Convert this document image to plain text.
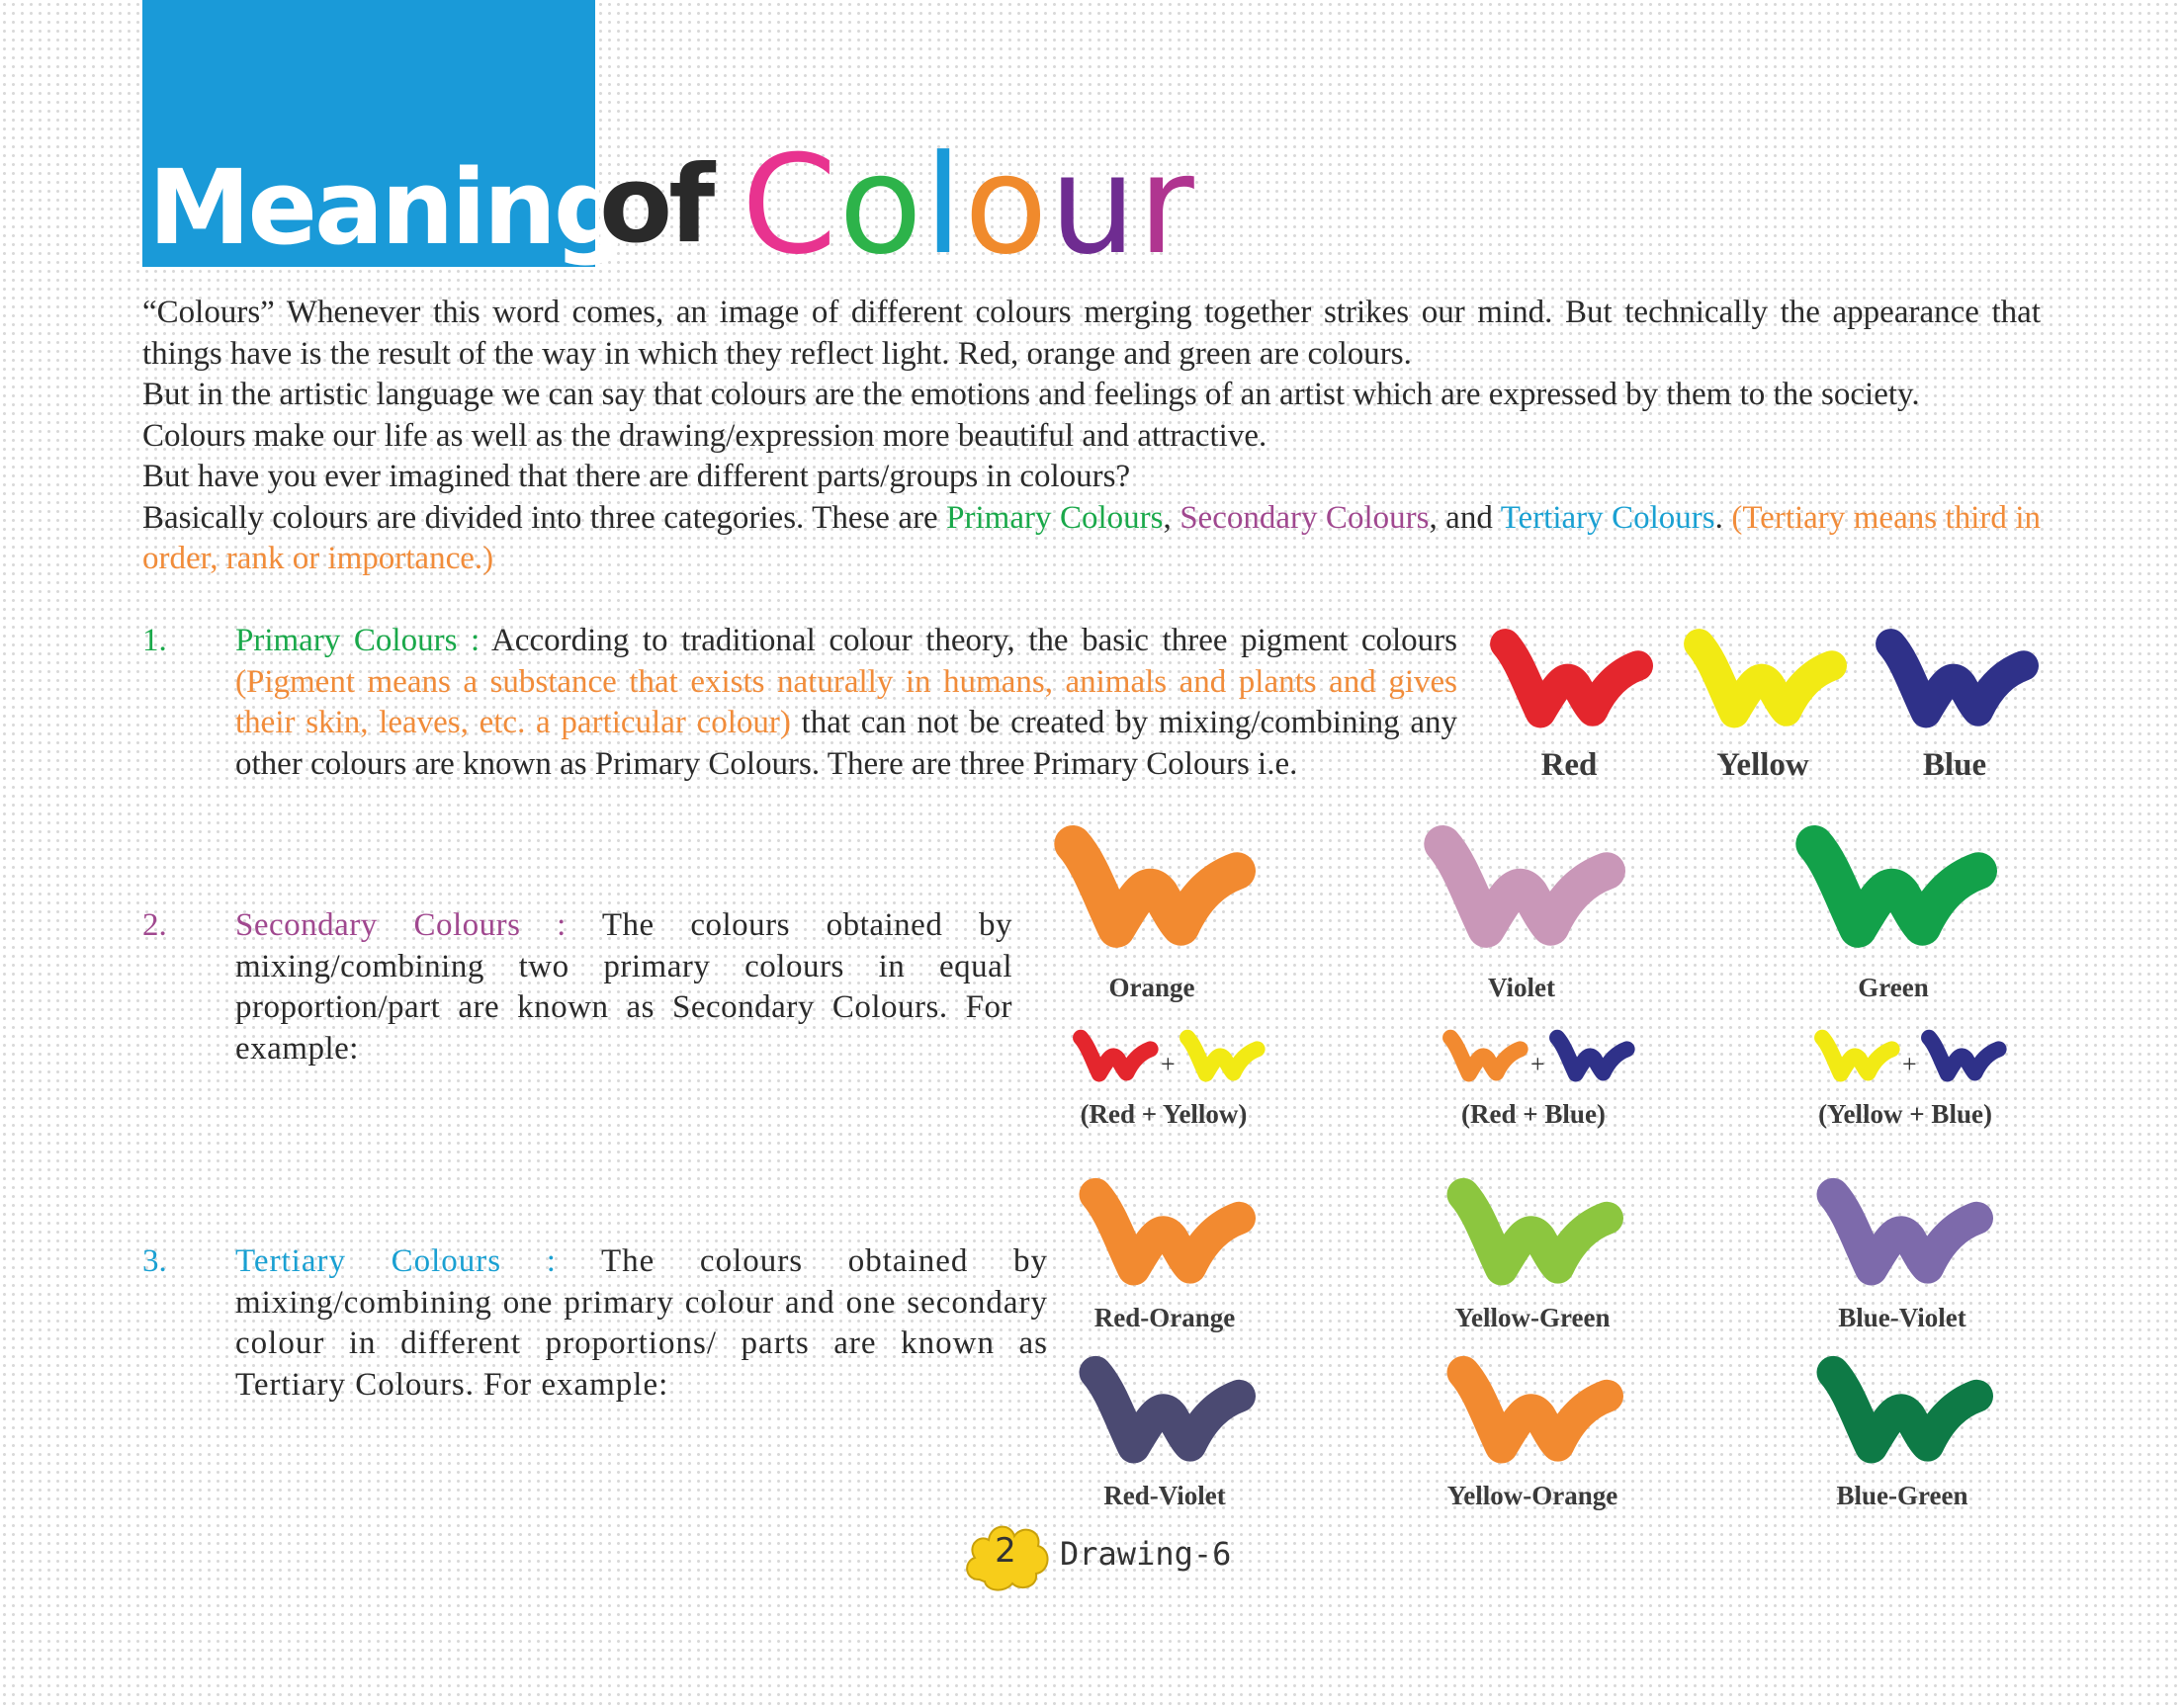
Meaning
of Colour

“Colours” Whenever this word comes, an image of different colours merging together strikes our mind. But technically the appearance that things have is the result of the way in which they reflect light. Red, orange and green are colours.

But in the artistic language we can say that colours are the emotions and feelings of an artist which are expressed by them to the society.

Colours make our life as well as the drawing/expression more beautiful and attractive.

But have you ever imagined that there are different parts/groups in colours?

Basically colours are divided into three categories. These are Primary Colours, Secondary Colours, and Tertiary Colours. (Tertiary means third in order, rank or importance.)

1. Primary Colours : According to traditional colour theory, the basic three pigment colours (Pigment means a substance that exists naturally in humans, animals and plants and gives their skin, leaves, etc. a particular colour) that can not be created by mixing/combining any other colours are known as Primary Colours. There are three Primary Colours i.e.

2. Secondary Colours : The colours obtained by mixing/combining two primary colours in equal proportion/part are known as Secondary Colours. For example:

3. Tertiary Colours : The colours obtained by mixing/combining one primary colour and one secondary colour in different proportions/ parts are known as Tertiary Colours. For example:

Red	Yellow	Blue
Orange
+
(Red + Yellow)
Violet
+
(Red + Blue)
Green
+
(Yellow + Blue)
Red-Orange	Yellow-Green	Blue-Violet
Red-Violet	Yellow-Orange	Blue-Green
2	Drawing-6
